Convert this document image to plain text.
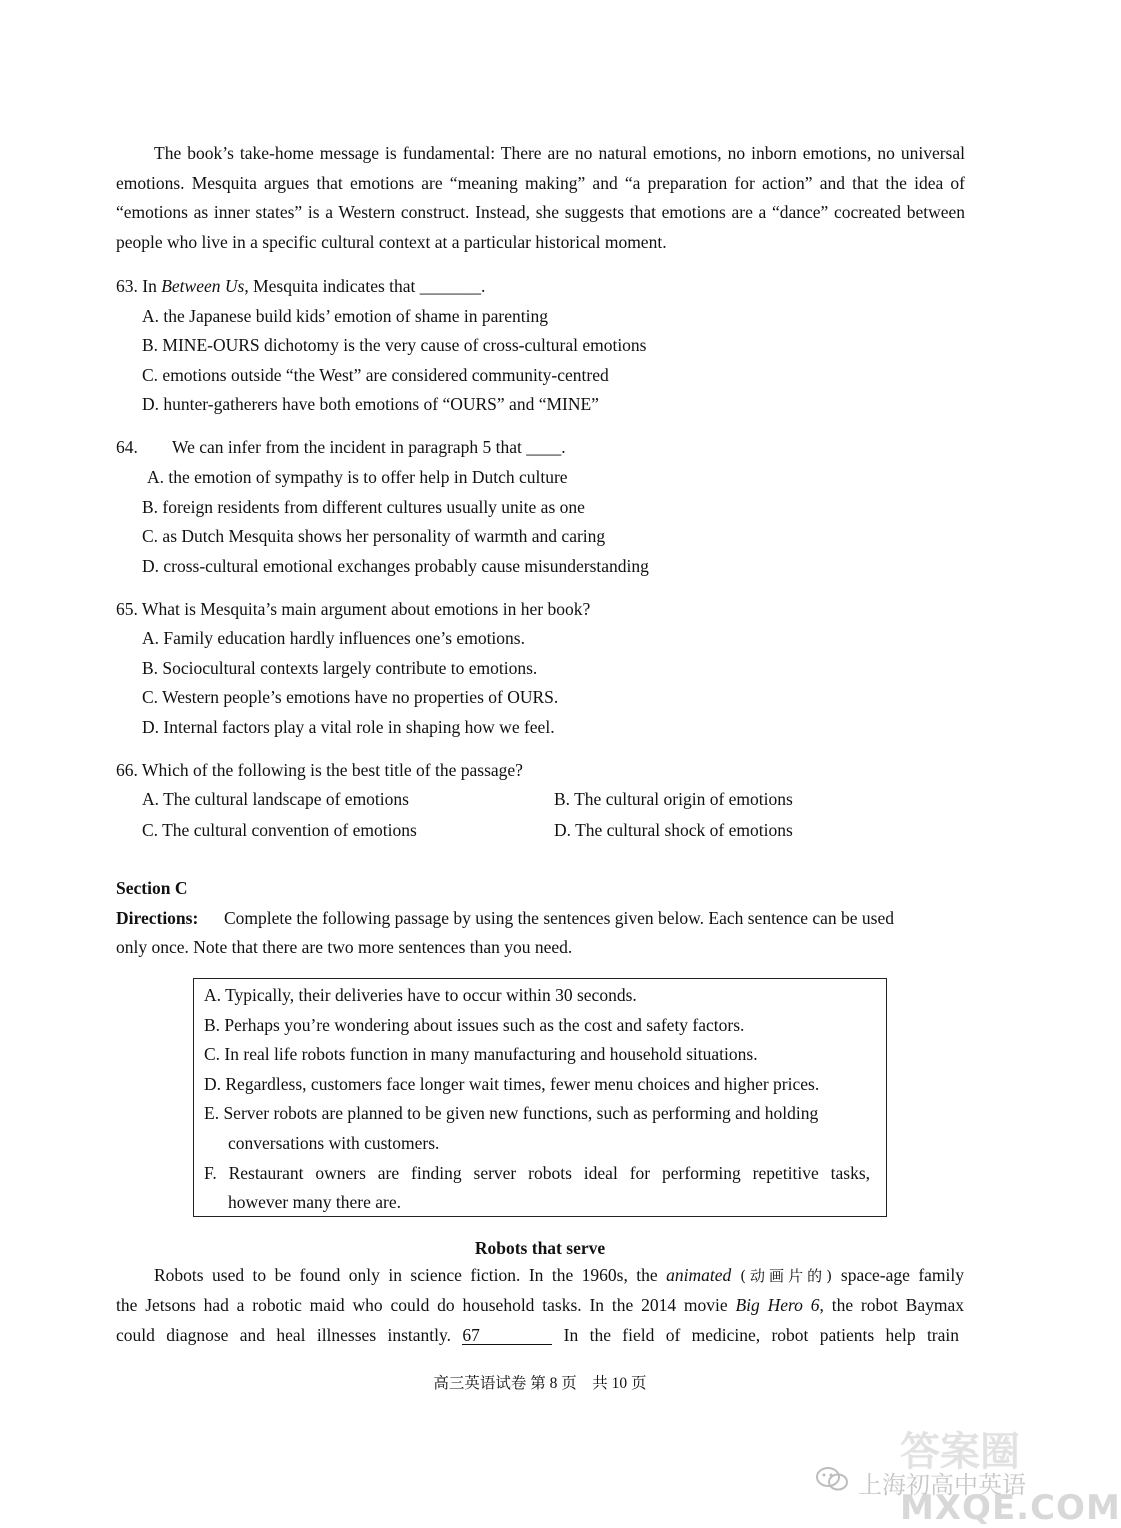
The book’s take-home message is fundamental: There are no natural emotions, no inborn emotions, no universal emotions. Mesquita argues that emotions are “meaning making” and “a preparation for action” and that the idea of “emotions as inner states” is a Western construct. Instead, she suggests that emotions are a “dance” cocreated between people who live in a specific cultural context at a particular historical moment.

63. In Between Us, Mesquita indicates that _______.
A. the Japanese build kids’ emotion of shame in parenting
B. MINE-OURS dichotomy is the very cause of cross-cultural emotions
C. emotions outside “the West” are considered community-centred
D. hunter-gatherers have both emotions of “OURS” and “MINE”
64. We can infer from the incident in paragraph 5 that ____.
A. the emotion of sympathy is to offer help in Dutch culture
B. foreign residents from different cultures usually unite as one
C. as Dutch Mesquita shows her personality of warmth and caring
D. cross-cultural emotional exchanges probably cause misunderstanding
65. What is Mesquita’s main argument about emotions in her book?
A. Family education hardly influences one’s emotions.
B. Sociocultural contexts largely contribute to emotions.
C. Western people’s emotions have no properties of OURS.
D. Internal factors play a vital role in shaping how we feel.
66. Which of the following is the best title of the passage?
A. The cultural landscape of emotions	B. The cultural origin of emotions
C. The cultural convention of emotions	D. The cultural shock of emotions
Section C
Directions: Complete the following passage by using the sentences given below. Each sentence can be used
only once. Note that there are two more sentences than you need.
A. Typically, their deliveries have to occur within 30 seconds.
B. Perhaps you’re wondering about issues such as the cost and safety factors.
C. In real life robots function in many manufacturing and household situations.
D. Regardless, customers face longer wait times, fewer menu choices and higher prices.
E. Server robots are planned to be given new functions, such as performing and holding
conversations with customers.
F. Restaurant owners are finding server robots ideal for performing repetitive tasks,
however many there are.
Robots that serve
Robots used to be found only in science fiction. In the 1960s, the animated (动画片的) space-age family
the Jetsons had a robotic maid who could do household tasks. In the 2014 movie Big Hero 6, the robot Baymax
could diagnose and heal illnesses instantly. 67	In the field of medicine, robot patients help train
高三英语试卷 第 8 页　共 10 页
答案圈
上海初高中英语
MXQE.COM
